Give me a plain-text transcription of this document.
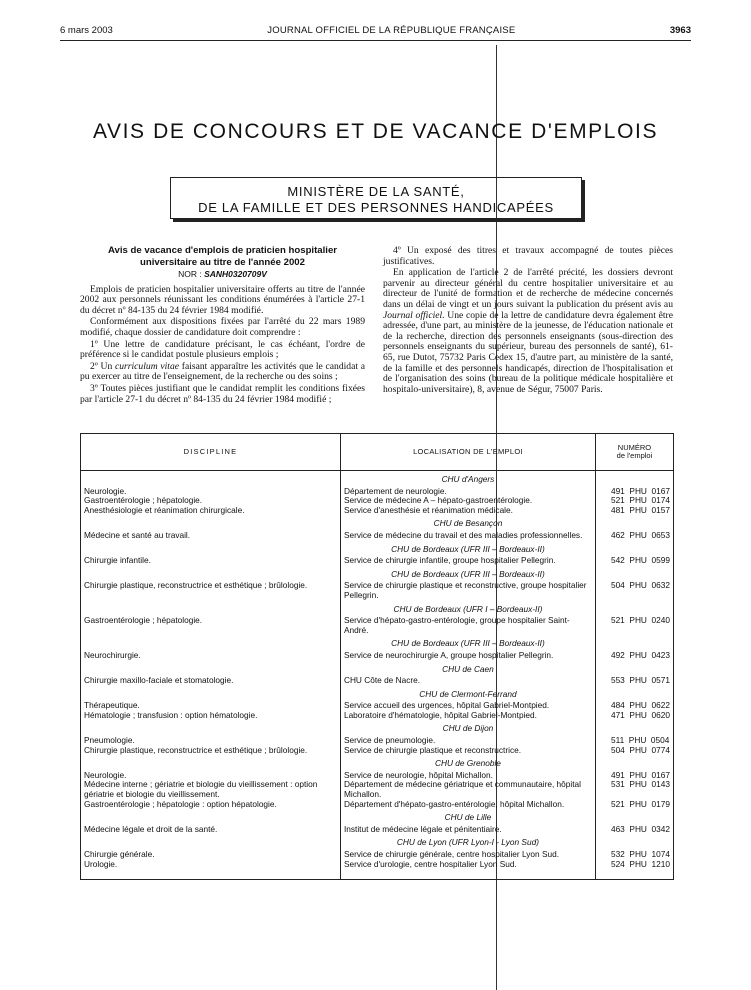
6 mars 2003	JOURNAL OFFICIEL DE LA RÉPUBLIQUE FRANÇAISE	3963
AVIS DE CONCOURS ET DE VACANCE D'EMPLOIS
MINISTÈRE DE LA SANTÉ,
DE LA FAMILLE ET DES PERSONNES HANDICAPÉES

Avis de vacance d'emplois de praticien hospitalier

universitaire au titre de l'année 2002

NOR : SANH0320709V

Emplois de praticien hospitalier universitaire offerts au titre de l'année 2002 aux personnels réunissant les conditions énumérées à l'article 27-1 du décret nº 84-135 du 24 février 1984 modifié.

Conformément aux dispositions fixées par l'arrêté du 22 mars 1989 modifié, chaque dossier de candidature doit comprendre :

1º Une lettre de candidature précisant, le cas échéant, l'ordre de préférence si le candidat postule plusieurs emplois ;

2º Un curriculum vitae faisant apparaître les activités que le candidat a pu exercer au titre de l'enseignement, de la recherche ou des soins ;

3º Toutes pièces justifiant que le candidat remplit les conditions fixées par l'article 27-1 du décret nº 84-135 du 24 février 1984 modifié ;

4º Un exposé des titres et travaux accompagné de toutes pièces justificatives.

En application de l'article 2 de l'arrêté précité, les dossiers devront parvenir au directeur général du centre hospitalier universitaire et au directeur de l'unité de formation et de recherche de médecine concernés dans un délai de vingt et un jours suivant la publication du présent avis au Journal officiel. Une copie de la lettre de candidature devra également être adressée, d'une part, au ministère de la jeunesse, de l'éducation nationale et de la recherche, direction des personnels enseignants (sous-direction des personnels enseignants du supérieur, bureau des personnels de santé), 61-65, rue Dutot, 75732 Paris Cedex 15, d'autre part, au ministère de la santé, de la famille et des personnels handicapés, direction de l'hospitalisation et de l'organisation des soins (bureau de la politique médicale hospitalière et hospitalo-universitaire), 8, avenue de Ségur, 75007 Paris.

DISCIPLINE	LOCALISATION DE L'EMPLOI	NUMÉRO
de l'emploi

	CHU d'Angers	
Neurologie.	Département de neurologie.	491  PHU  0167
Gastroentérologie ; hépatologie.	Service de médecine A – hépato-gastroentérologie.	521  PHU  0174
Anesthésiologie et réanimation chirurgicale.	Service d'anesthésie et réanimation médicale.	481  PHU  0157
	CHU de Besançon	
Médecine et santé au travail.	Service de médecine du travail et des maladies professionnelles.	462  PHU  0653
	CHU de Bordeaux (UFR III – Bordeaux-II)	
Chirurgie infantile.	Service de chirurgie infantile, groupe hospitalier Pellegrin.	542  PHU  0599
	CHU de Bordeaux (UFR III – Bordeaux-II)	
Chirurgie plastique, reconstructrice et esthétique ; brûlologie.	Service de chirurgie plastique et reconstructive, groupe hospitalier Pellegrin.	504  PHU  0632
	CHU de Bordeaux (UFR I – Bordeaux-II)	
Gastroentérologie ; hépatologie.	Service d'hépato-gastro-entérologie, groupe hospitalier Saint-André.	521  PHU  0240
	CHU de Bordeaux (UFR III – Bordeaux-II)	
Neurochirurgie.	Service de neurochirurgie A, groupe hospitalier Pellegrin.	492  PHU  0423
	CHU de Caen	
Chirurgie maxillo-faciale et stomatologie.	CHU Côte de Nacre.	553  PHU  0571
	CHU de Clermont-Ferrand	
Thérapeutique.	Service accueil des urgences, hôpital Gabriel-Montpied.	484  PHU  0622
Hématologie ; transfusion : option hématologie.	Laboratoire d'hématologie, hôpital Gabriel-Montpied.	471  PHU  0620
	CHU de Dijon	
Pneumologie.	Service de pneumologie.	511  PHU  0504
Chirurgie plastique, reconstructrice et esthétique ; brûlologie.	Service de chirurgie plastique et reconstructrice.	504  PHU  0774
	CHU de Grenoble	
Neurologie.	Service de neurologie, hôpital Michallon.	491  PHU  0167
Médecine interne ; gériatrie et biologie du vieillissement : option gériatrie et biologie du vieillissement.	Département de médecine gériatrique et communautaire, hôpital Michallon.	531  PHU  0143
Gastroentérologie ; hépatologie : option hépatologie.	Département d'hépato-gastro-entérologie, hôpital Michallon.	521  PHU  0179
	CHU de Lille	
Médecine légale et droit de la santé.	Institut de médecine légale et pénitentiaire.	463  PHU  0342
	CHU de Lyon (UFR Lyon-I - Lyon Sud)	
Chirurgie générale.	Service de chirurgie générale, centre hospitalier Lyon Sud.	532  PHU  1074
Urologie.	Service d'urologie, centre hospitalier Lyon Sud.	524  PHU  1210
